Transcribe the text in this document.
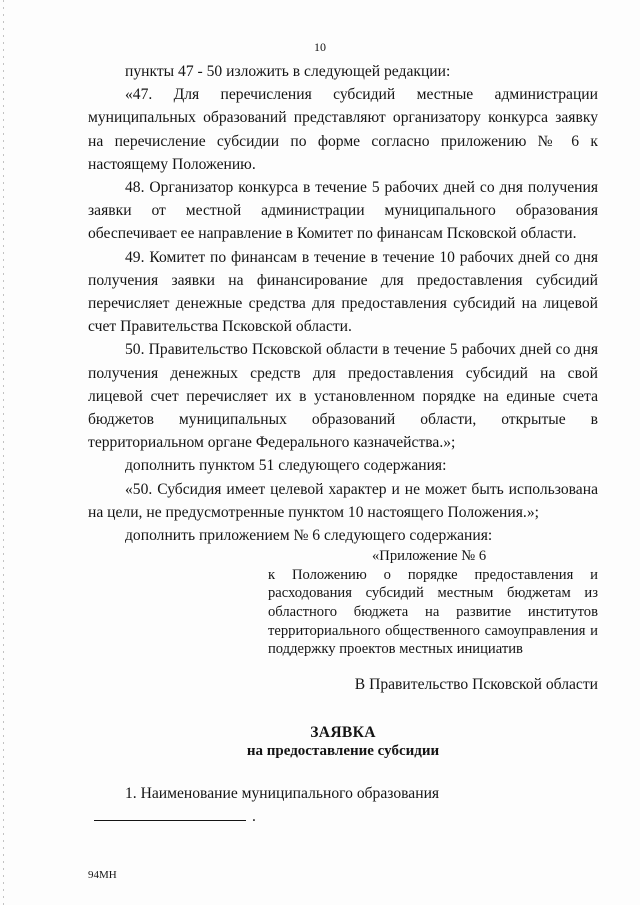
10

пункты 47 - 50 изложить в следующей редакции:

«47. Для перечисления субсидий местные администрации муниципальных образований представляют организатору конкурса заявку на перечисление субсидии по форме согласно приложению № 6 к настоящему Положению.

48. Организатор конкурса в течение 5 рабочих дней со дня получения заявки от местной администрации муниципального образования обеспечивает ее направление в Комитет по финансам Псковской области.

49. Комитет по финансам в течение в течение 10 рабочих дней со дня получения заявки на финансирование для предоставления субсидий перечисляет денежные средства для предоставления субсидий на лицевой счет Правительства Псковской области.

50. Правительство Псковской области в течение 5 рабочих дней со дня получения денежных средств для предоставления субсидий на свой лицевой счет перечисляет их в установленном порядке на единые счета бюджетов муниципальных образований области, открытые в территориальном органе Федерального казначейства.»;

дополнить пунктом 51 следующего содержания:

«50. Субсидия имеет целевой характер и не может быть использована на цели, не предусмотренные пунктом 10 настоящего Положения.»;

дополнить приложением № 6 следующего содержания:

«Приложение № 6
к Положению о порядке предоставления и расходования субсидий местным бюджетам из областного бюджета на развитие институтов территориального общественного самоуправления и поддержку проектов местных инициатив
В Правительство Псковской области
ЗАЯВКА
на предоставление субсидии
1. Наименование муниципального образования.
94МН
